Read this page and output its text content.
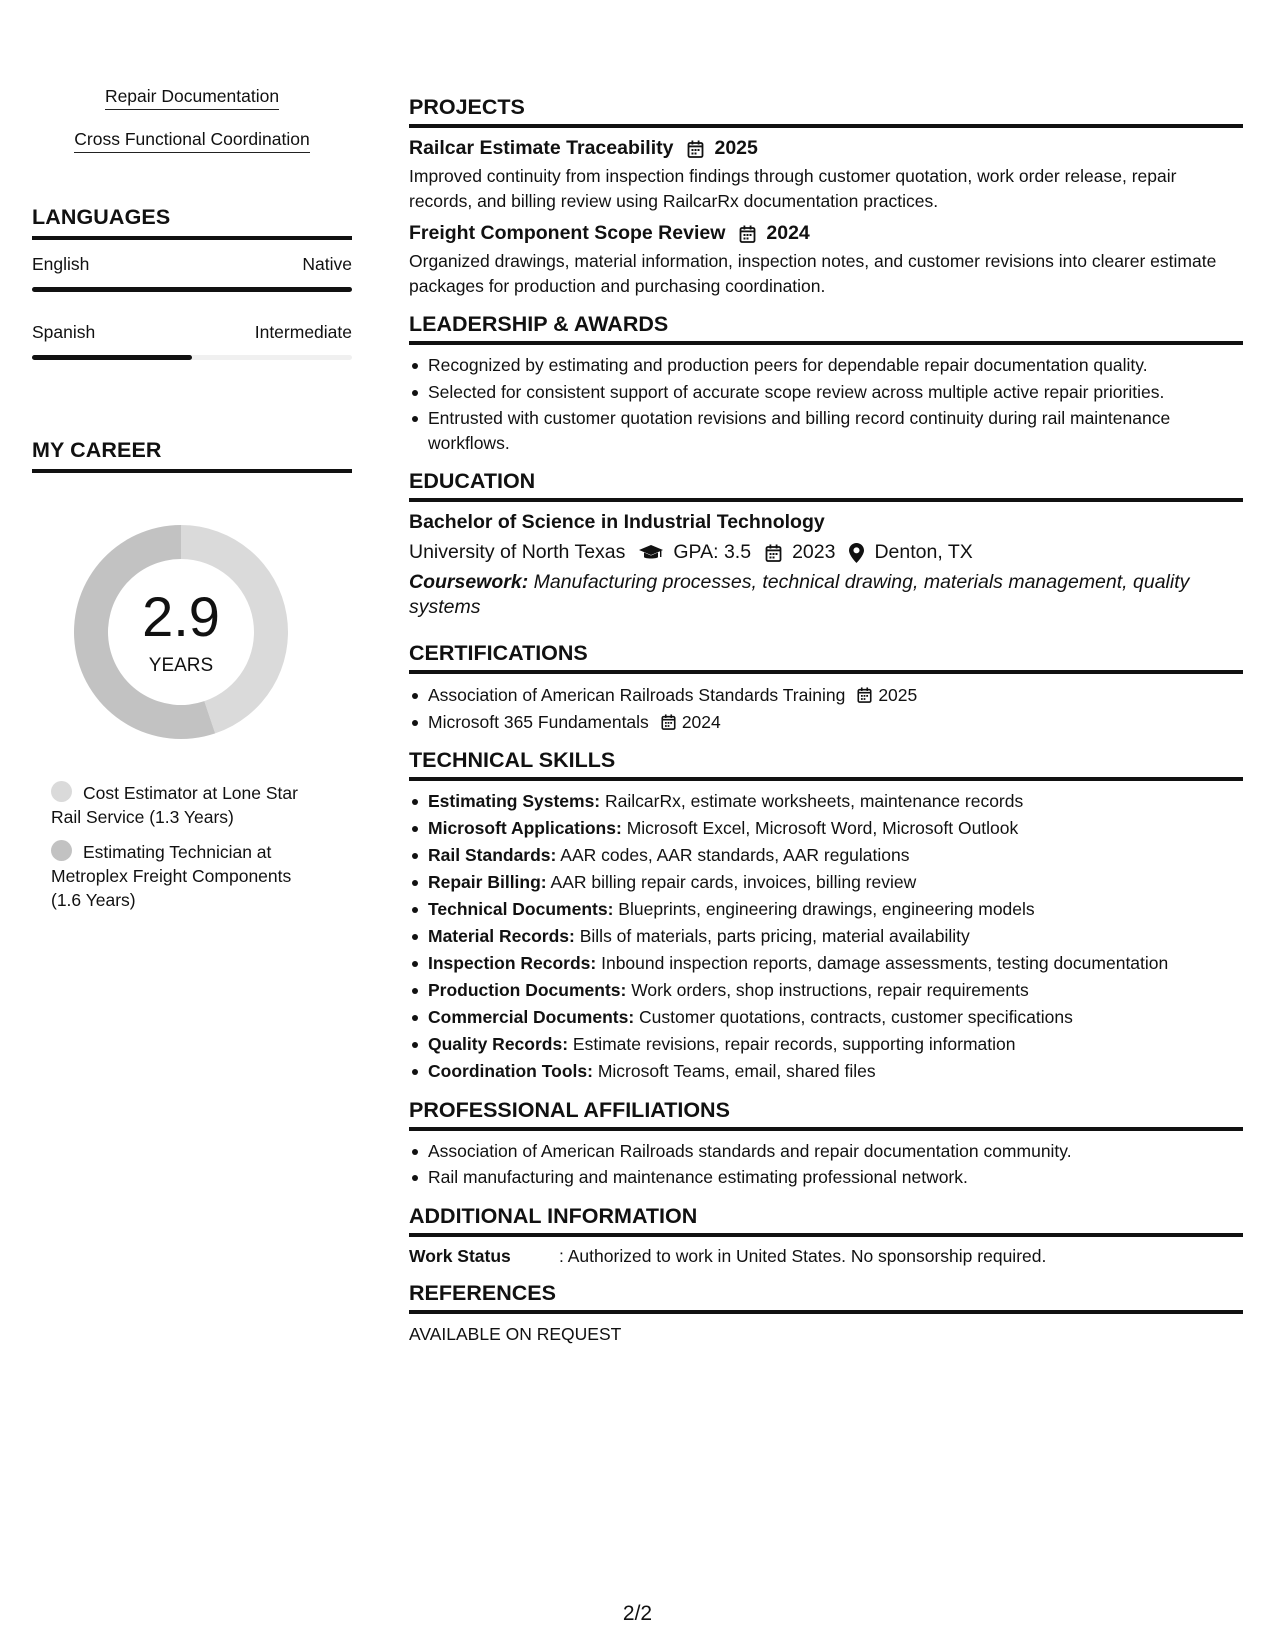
Repair Documentation
Cross Functional Coordination
LANGUAGES
English	Native
Spanish	Intermediate
MY CAREER
2.9
YEARS
Cost Estimator at Lone Star Rail Service (1.3 Years)
Estimating Technician at Metroplex Freight Components (1.6 Years)
PROJECTS
Railcar Estimate Traceability 2025
Improved continuity from inspection findings through customer quotation, work order release, repair records, and billing review using RailcarRx documentation practices.
Freight Component Scope Review 2024
Organized drawings, material information, inspection notes, and customer revisions into clearer estimate packages for production and purchasing coordination.
LEADERSHIP & AWARDS
Recognized by estimating and production peers for dependable repair documentation quality.
Selected for consistent support of accurate scope review across multiple active repair priorities.
Entrusted with customer quotation revisions and billing record continuity during rail maintenance workflows.
EDUCATION
Bachelor of Science in Industrial Technology
University of North Texas GPA: 3.5 2023 Denton, TX
Coursework: Manufacturing processes, technical drawing, materials management, quality systems
CERTIFICATIONS
Association of American Railroads Standards Training 2025
Microsoft 365 Fundamentals 2024
TECHNICAL SKILLS
Estimating Systems: RailcarRx, estimate worksheets, maintenance records
Microsoft Applications: Microsoft Excel, Microsoft Word, Microsoft Outlook
Rail Standards: AAR codes, AAR standards, AAR regulations
Repair Billing: AAR billing repair cards, invoices, billing review
Technical Documents: Blueprints, engineering drawings, engineering models
Material Records: Bills of materials, parts pricing, material availability
Inspection Records: Inbound inspection reports, damage assessments, testing documentation
Production Documents: Work orders, shop instructions, repair requirements
Commercial Documents: Customer quotations, contracts, customer specifications
Quality Records: Estimate revisions, repair records, supporting information
Coordination Tools: Microsoft Teams, email, shared files
PROFESSIONAL AFFILIATIONS
Association of American Railroads standards and repair documentation community.
Rail manufacturing and maintenance estimating professional network.
ADDITIONAL INFORMATION
Work Status	: Authorized to work in United States. No sponsorship required.
REFERENCES
AVAILABLE ON REQUEST
2/2
